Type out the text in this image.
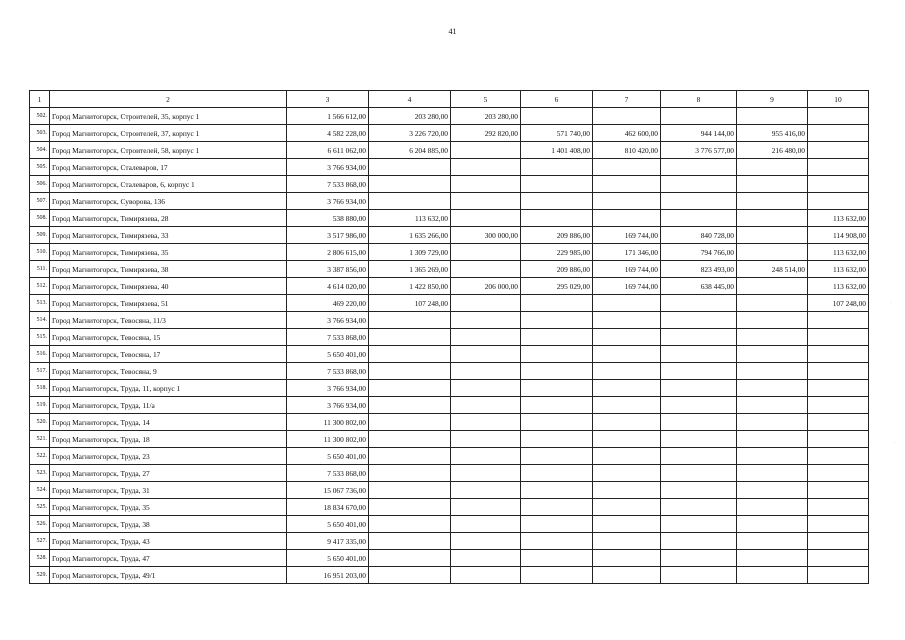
41
1	2	3	4	5	6	7	8	9	10
502.	Город Магнитогорск, Строителей, 35, корпус 1	1 566 612,00	203 280,00	203 280,00					
503.	Город Магнитогорск, Строителей, 37, корпус 1	4 582 228,00	3 226 720,00	292 820,00	571 740,00	462 600,00	944 144,00	955 416,00	
504.	Город Магнитогорск, Строителей, 58, корпус 1	6 611 062,00	6 204 885,00		1 401 408,00	810 420,00	3 776 577,00	216 480,00	
505.	Город Магнитогорск, Сталеваров, 17	3 766 934,00							
506.	Город Магнитогорск, Сталеваров, 6, корпус 1	7 533 868,00							
507.	Город Магнитогорск, Суворова, 136	3 766 934,00							
508.	Город Магнитогорск, Тимирязева, 28	538 880,00	113 632,00						113 632,00
509.	Город Магнитогорск, Тимирязева, 33	3 517 986,00	1 635 266,00	300 000,00	209 886,00	169 744,00	840 728,00		114 908,00
510.	Город Магнитогорск, Тимирязева, 35	2 806 615,00	1 309 729,00		229 985,00	171 346,00	794 766,00		113 632,00
511.	Город Магнитогорск, Тимирязева, 38	3 387 856,00	1 365 269,00		209 886,00	169 744,00	823 493,00	248 514,00	113 632,00
512.	Город Магнитогорск, Тимирязева, 40	4 614 020,00	1 422 850,00	206 000,00	295 029,00	169 744,00	638 445,00		113 632,00
513.	Город Магнитогорск, Тимирязева, 51	469 220,00	107 248,00						107 248,00
514.	Город Магнитогорск, Тевосяна, 11/3	3 766 934,00							
515.	Город Магнитогорск, Тевосяна, 15	7 533 868,00							
516.	Город Магнитогорск, Тевосяна, 17	5 650 401,00							
517.	Город Магнитогорск, Тевосяна, 9	7 533 868,00							
518.	Город Магнитогорск, Труда, 11, корпус 1	3 766 934,00							
519.	Город Магнитогорск, Труда, 11/а	3 766 934,00							
520.	Город Магнитогорск, Труда, 14	11 300 802,00							
521.	Город Магнитогорск, Труда, 18	11 300 802,00							
522.	Город Магнитогорск, Труда, 23	5 650 401,00							
523.	Город Магнитогорск, Труда, 27	7 533 868,00							
524.	Город Магнитогорск, Труда, 31	15 067 736,00							
525.	Город Магнитогорск, Труда, 35	18 834 670,00							
526.	Город Магнитогорск, Труда, 38	5 650 401,00							
527.	Город Магнитогорск, Труда, 43	9 417 335,00							
528.	Город Магнитогорск, Труда, 47	5 650 401,00							
529.	Город Магнитогорск, Труда, 49/1	16 951 203,00							
·
·
